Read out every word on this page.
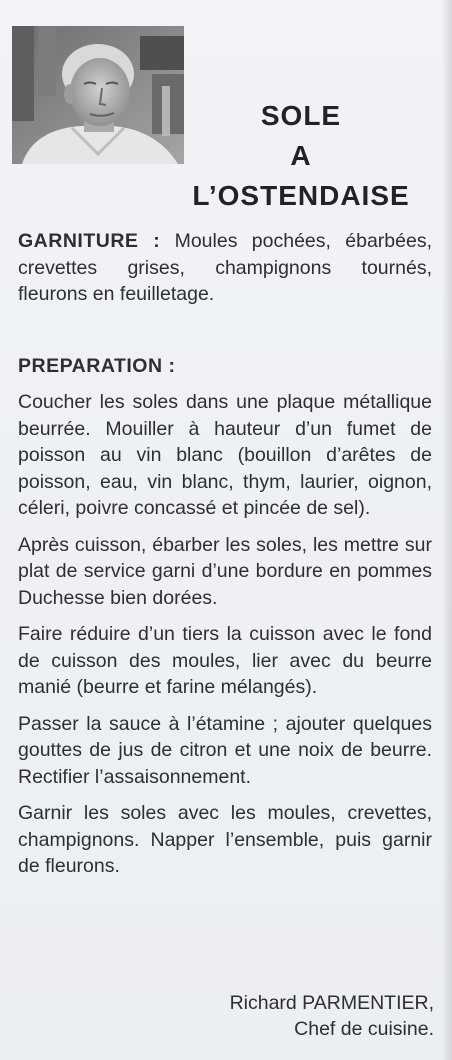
SOLE
A
L’OSTENDAISE
GARNITURE : Moules pochées, ébarbées, crevettes grises, champignons tournés, fleurons en feuilletage.
PREPARATION :

Coucher les soles dans une plaque métallique beurrée. Mouiller à hauteur d’un fumet de poisson au vin blanc (bouillon d’arêtes de poisson, eau, vin blanc, thym, laurier, oignon, céleri, poivre concassé et pincée de sel).

Après cuisson, ébarber les soles, les mettre sur plat de service garni d’une bordure en pommes Duchesse bien dorées.

Faire réduire d’un tiers la cuisson avec le fond de cuisson des moules, lier avec du beurre manié (beurre et farine mélangés).

Passer la sauce à l’étamine ; ajouter quelques gouttes de jus de citron et une noix de beurre. Rectifier l’assaisonnement.

Garnir les soles avec les moules, crevettes, champignons. Napper l’ensemble, puis garnir de fleurons.

Richard PARMENTIER,
Chef de cuisine.
